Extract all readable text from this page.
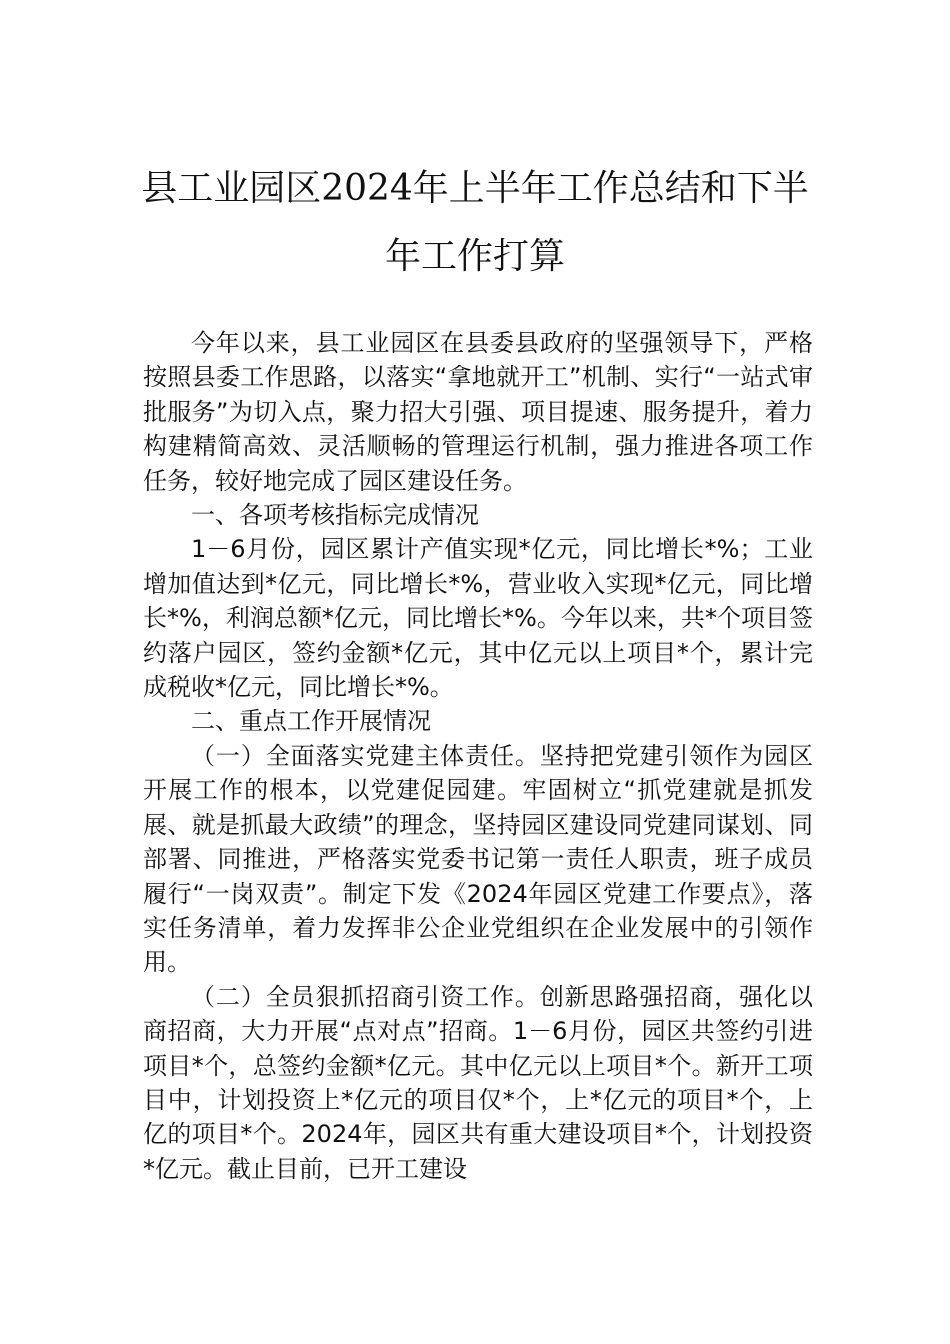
县工业园区2024年上半年工作总结和下半
年工作打算

今年以来，县工业园区在县委县政府的坚强领导下，严格按照县委工作思路，以落实“拿地就开工”机制、实行“一站式审批服务”为切入点，聚力招大引强、项目提速、服务提升，着力构建精简高效、灵活顺畅的管理运行机制，强力推进各项工作任务，较好地完成了园区建设任务。

一、各项考核指标完成情况

1－6月份，园区累计产值实现*亿元，同比增长*%；工业增加值达到*亿元，同比增长*%，营业收入实现*亿元，同比增长*%，利润总额*亿元，同比增长*%。今年以来，共*个项目签约落户园区，签约金额*亿元，其中亿元以上项目*个，累计完成税收*亿元，同比增长*%。

二、重点工作开展情况

（一）全面落实党建主体责任。坚持把党建引领作为园区开展工作的根本，以党建促园建。牢固树立“抓党建就是抓发展、就是抓最大政绩”的理念，坚持园区建设同党建同谋划、同部署、同推进，严格落实党委书记第一责任人职责，班子成员履行“一岗双责”。制定下发《2024年园区党建工作要点》，落实任务清单，着力发挥非公企业党组织在企业发展中的引领作用。

（二）全员狠抓招商引资工作。创新思路强招商，强化以商招商，大力开展“点对点”招商。1－6月份，园区共签约引进项目*个，总签约金额*亿元。其中亿元以上项目*个。新开工项目中，计划投资上*亿元的项目仅*个，上*亿元的项目*个，上亿的项目*个。2024年，园区共有重大建设项目*个，计划投资*亿元。截止目前，已开工建设
